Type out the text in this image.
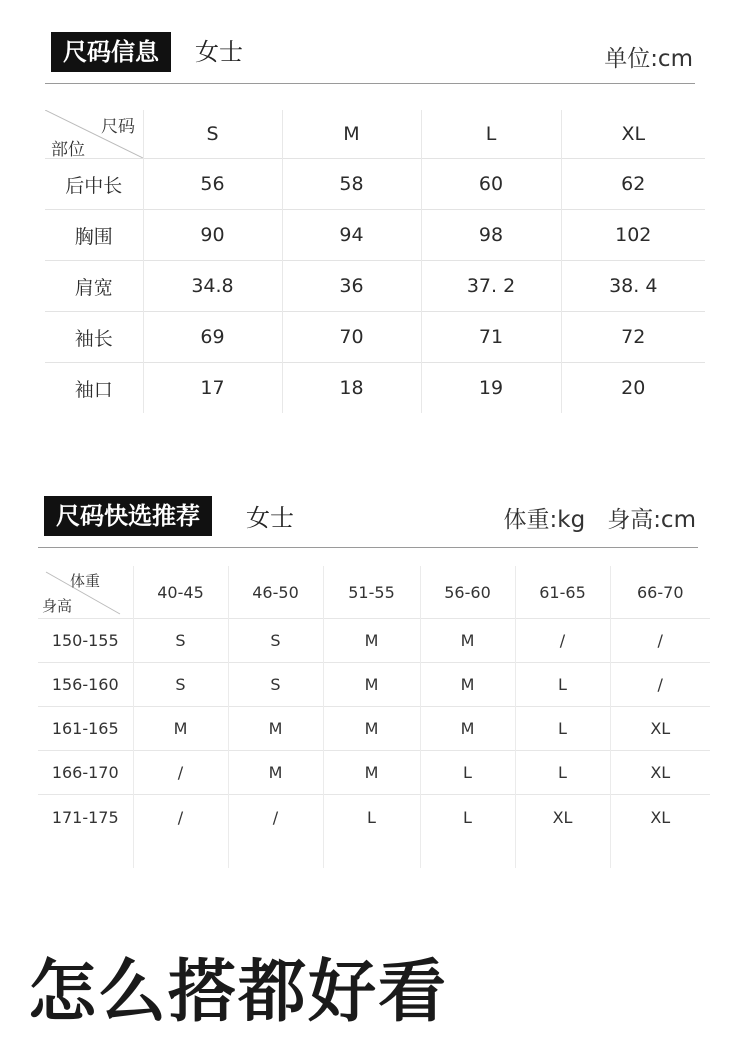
尺码信息	女士	单位:cm
尺码
部位	S	M	L	XL
后中长	56	58	60	62
胸围	90	94	98	102
肩宽	34.8	36	37. 2	38. 4
袖长	69	70	71	72
袖口	17	18	19	20
尺码快选推荐	女士	体重:kg 身高:cm
体重
身高	40-45	46-50	51-55	56-60	61-65	66-70
150-155	S	S	M	M	/	/
156-160	S	S	M	M	L	/
161-165	M	M	M	M	L	XL
166-170	/	M	M	L	L	XL
171-175	/	/	L	L	XL	XL
怎么搭都好看
